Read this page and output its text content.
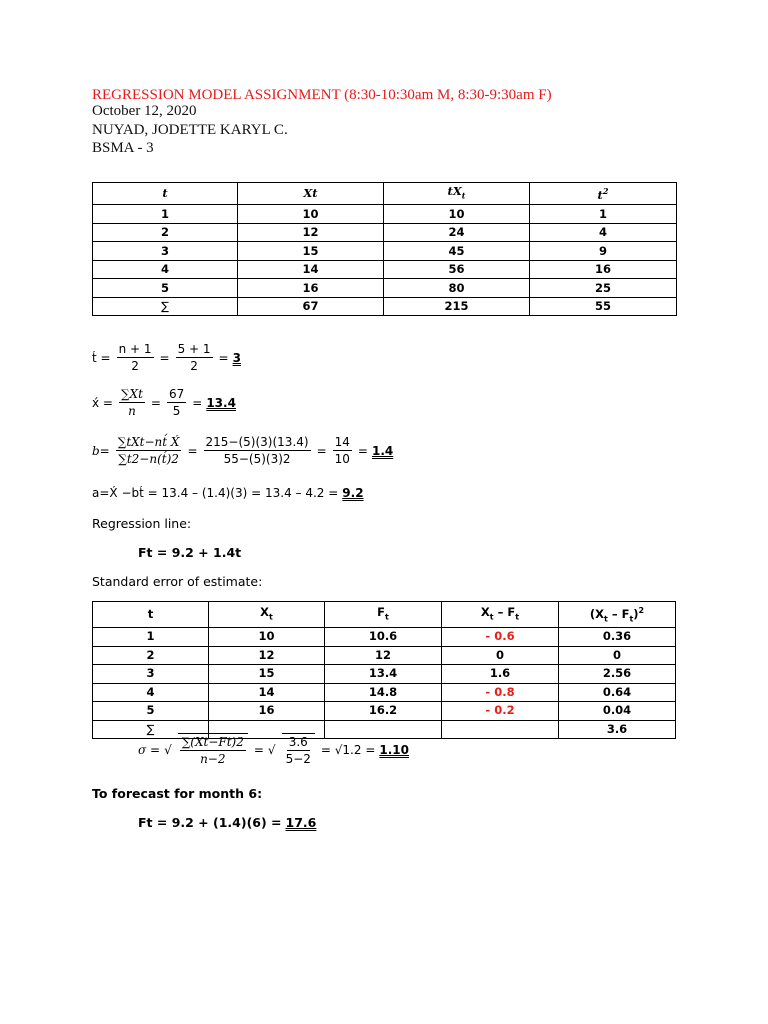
REGRESSION MODEL ASSIGNMENT (8:30-10:30am M, 8:30-9:30am F)
October 12, 2020
NUYAD, JODETTE KARYL C.
BSMA - 3
t	Xt	$tX_t$	$t^2$
1	10	10	1
2	12	24	4
3	15	45	9
4	14	56	16
5	16	80	25
∑	67	215	55
t́ = $\frac{n + 1}{2} = \frac{5 + 1}{2} = 3$
x́ = $\frac{\sum Xt}{n} = \frac{67}{5} = 13.4$
$b= \frac{\text{∑tXt−nt́ X́}}{\sum t2-n(t́)2} = \frac{215-(5)(3)(13.4)}{55-(5)(3)2} = \frac{14}{10} = 1.4$
a=X́ −bt́ = 13.4 – (1.4)(3) = 13.4 – 4.2 = 9.2
Regression line:
Ft = 9.2 + 1.4t
Standard error of estimate:
t	$X_t$	$F_t$	$X_t - F_t$	$(X_t - F_t)^2$
1	10	10.6	- 0.6	0.36
2	12	12	0	0
3	15	13.4	1.6	2.56
4	14	14.8	- 0.8	0.64
5	16	16.2	- 0.2	0.04
∑				3.6
σ = √ $\frac{\sum(Xt-Ft)2}{n-2}$ = √ $\frac{3.6}{5-2} = √1.2 = 1.10$
To forecast for month 6:
Ft = 9.2 + (1.4)(6) = 17.6
